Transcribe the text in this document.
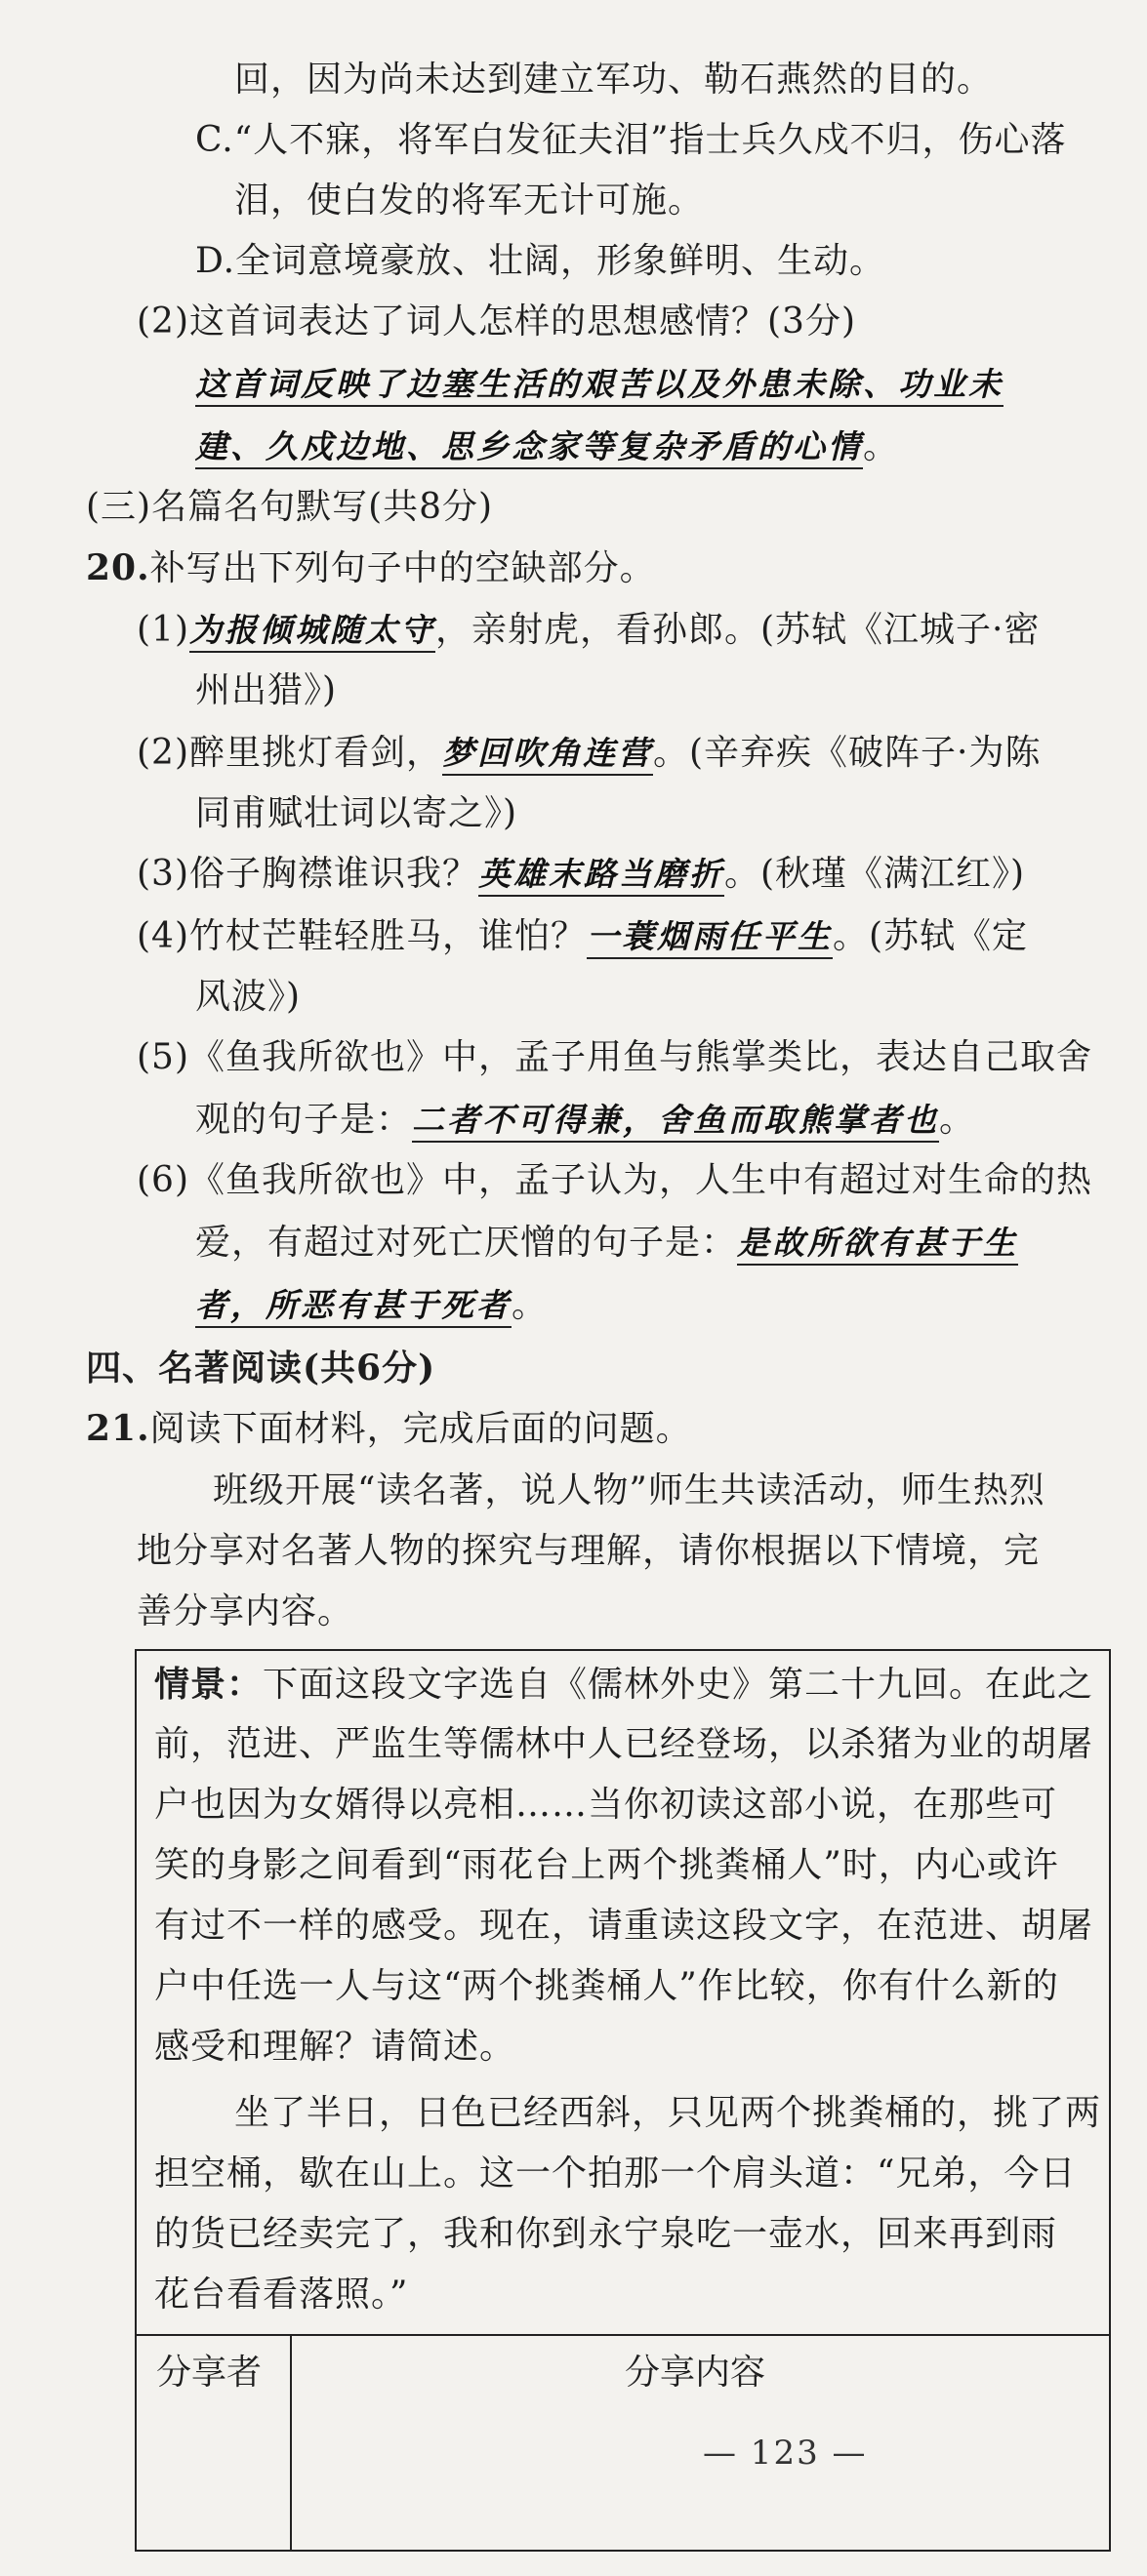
回，因为尚未达到建立军功、勒石燕然的目的。
C.“人不寐，将军白发征夫泪”指士兵久戍不归，伤心落
泪，使白发的将军无计可施。
D.全词意境豪放、壮阔，形象鲜明、生动。
(2)这首词表达了词人怎样的思想感情？(3分)
这首词反映了边塞生活的艰苦以及外患未除、功业未
建、久戍边地、思乡念家等复杂矛盾的心情。
(三)名篇名句默写(共8分)
20.补写出下列句子中的空缺部分。
(1)为报倾城随太守，亲射虎，看孙郎。(苏轼《江城子·密
州出猎》)
(2)醉里挑灯看剑，梦回吹角连营。(辛弃疾《破阵子·为陈
同甫赋壮词以寄之》)
(3)俗子胸襟谁识我？英雄末路当磨折。(秋瑾《满江红》)
(4)竹杖芒鞋轻胜马，谁怕？一蓑烟雨任平生。(苏轼《定
风波》)
(5)《鱼我所欲也》中，孟子用鱼与熊掌类比，表达自己取舍
观的句子是：二者不可得兼，舍鱼而取熊掌者也。
(6)《鱼我所欲也》中，孟子认为，人生中有超过对生命的热
爱，有超过对死亡厌憎的句子是：是故所欲有甚于生
者，所恶有甚于死者。
四、名著阅读(共6分)
21.阅读下面材料，完成后面的问题。
班级开展“读名著，说人物”师生共读活动，师生热烈
地分享对名著人物的探究与理解，请你根据以下情境，完
善分享内容。
情景：下面这段文字选自《儒林外史》第二十九回。在此之
前，范进、严监生等儒林中人已经登场，以杀猪为业的胡屠
户也因为女婿得以亮相……当你初读这部小说，在那些可
笑的身影之间看到“雨花台上两个挑粪桶人”时，内心或许
有过不一样的感受。现在，请重读这段文字，在范进、胡屠
户中任选一人与这“两个挑粪桶人”作比较，你有什么新的
感受和理解？请简述。
坐了半日，日色已经西斜，只见两个挑粪桶的，挑了两
担空桶，歇在山上。这一个拍那一个肩头道：“兄弟，今日
的货已经卖完了，我和你到永宁泉吃一壶水，回来再到雨
花台看看落照。”
分享者	分享内容
— 123 —
